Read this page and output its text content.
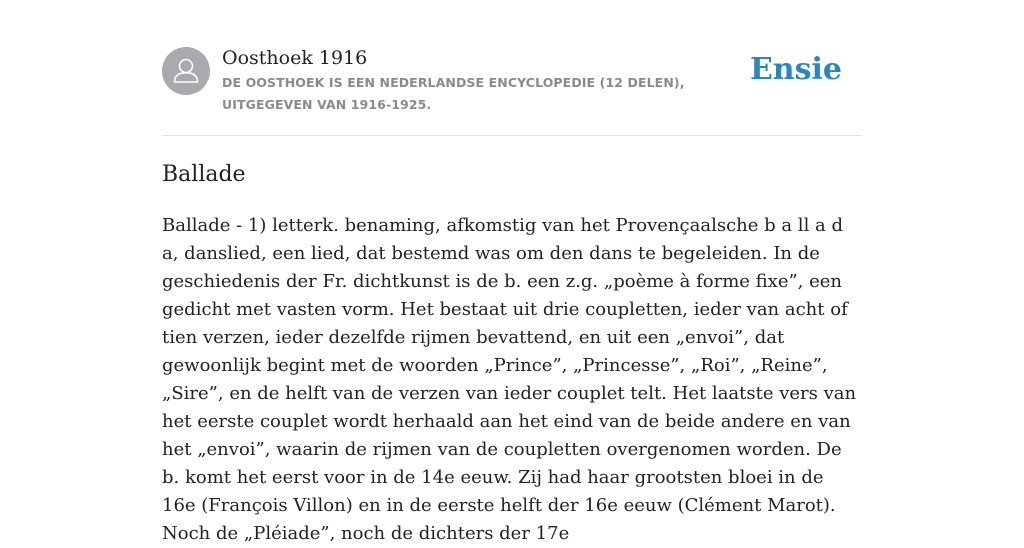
Oosthoek 1916
DE OOSTHOEK IS EEN NEDERLANDSE ENCYCLOPEDIE (12 DELEN), UITGEGEVEN VAN 1916-1925.
Ensie
Ballade

Ballade - 1) letterk. benaming, afkomstig van het Provençaalsche b a ll a d a, danslied, een lied, dat bestemd was om den dans te begeleiden. In de geschiedenis der Fr. dichtkunst is de b. een z.g. „poème à forme fixe”, een gedicht met vasten vorm. Het bestaat uit drie coupletten, ieder van acht of tien verzen, ieder dezelfde rijmen bevattend, en uit een „envoi”, dat gewoonlijk begint met de woorden „Prince”, „Princesse”, „Roi”, „Reine”, „Sire”, en de helft van de verzen van ieder couplet telt. Het laatste vers van het eerste couplet wordt herhaald aan het eind van de beide andere en van het „envoi”, waarin de rijmen van de coupletten overgenomen worden. De b. komt het eerst voor in de 14e eeuw. Zij had haar grootsten bloei in de 16e (François Villon) en in de eerste helft der 16e eeuw (Clément Marot). Noch de „Pléiade”, noch de dichters der 17e
